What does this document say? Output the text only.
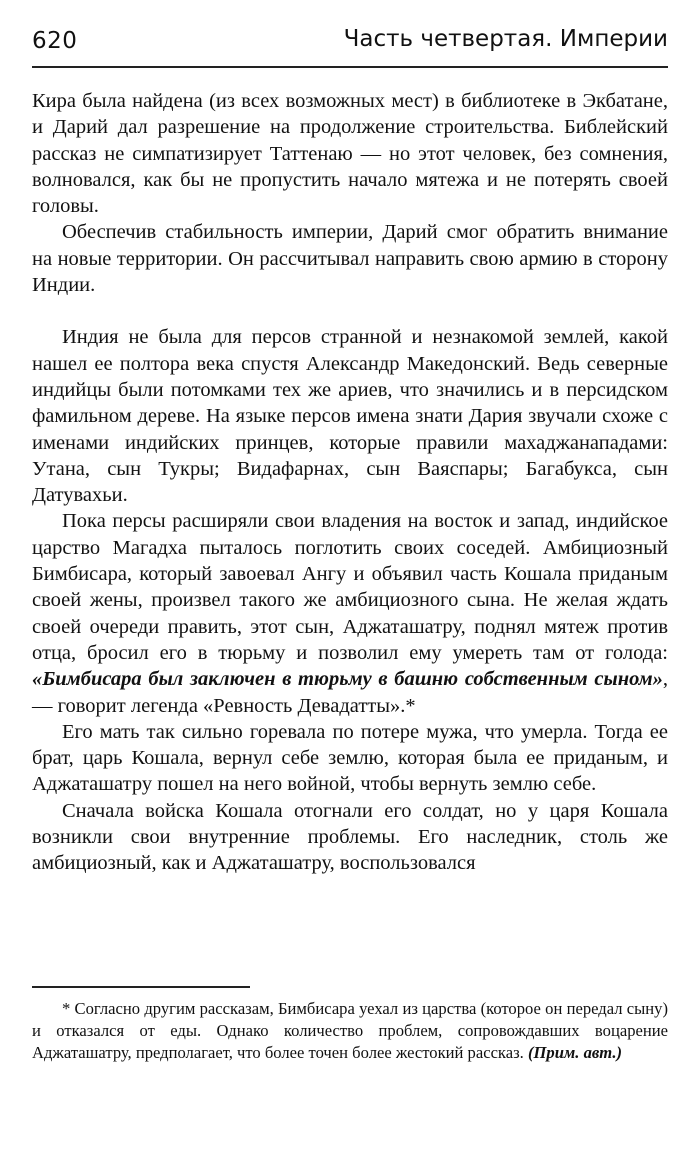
620	Часть четвертая. Империи

Кира была найдена (из всех возможных мест) в библиотеке в Экбатане, и Дарий дал разрешение на продолжение строительства. Библейский рассказ не симпатизирует Таттенаю — но этот человек, без сомнения, волновался, как бы не пропустить начало мятежа и не потерять своей головы.

Обеспечив стабильность империи, Дарий смог обратить внимание на новые территории. Он рассчитывал направить свою армию в сторону Индии.

Индия не была для персов странной и незнакомой землей, какой нашел ее полтора века спустя Александр Македонский. Ведь северные индийцы были потомками тех же ариев, что значились и в персидском фамильном дереве. На языке персов имена знати Дария звучали схоже с именами индийских принцев, которые правили махаджанападами: Утана, сын Тукры; Видафарнах, сын Ваяспары; Багабукса, сын Датувахьи.

Пока персы расширяли свои владения на восток и запад, индийское царство Магадха пыталось поглотить своих соседей. Амбициозный Бимбисара, который завоевал Ангу и объявил часть Кошала приданым своей жены, произвел такого же амбициозного сына. Не желая ждать своей очереди править, этот сын, Аджаташатру, поднял мятеж против отца, бросил его в тюрьму и позволил ему умереть там от голода: «Бимбисара был заключен в тюрьму в башню собственным сыном», — говорит легенда «Ревность Девадатты».*

Его мать так сильно горевала по потере мужа, что умерла. Тогда ее брат, царь Кошала, вернул себе землю, которая была ее приданым, и Аджаташатру пошел на него войной, чтобы вернуть землю себе.

Сначала войска Кошала отогнали его солдат, но у царя Кошала возникли свои внутренние проблемы. Его наследник, столь же амбициозный, как и Аджаташатру, воспользовался

* Согласно другим рассказам, Бимбисара уехал из царства (которое он передал сыну) и отказался от еды. Однако количество проблем, сопровождавших воцарение Аджаташатру, предполагает, что более точен более жестокий рассказ. (Прим. авт.)
